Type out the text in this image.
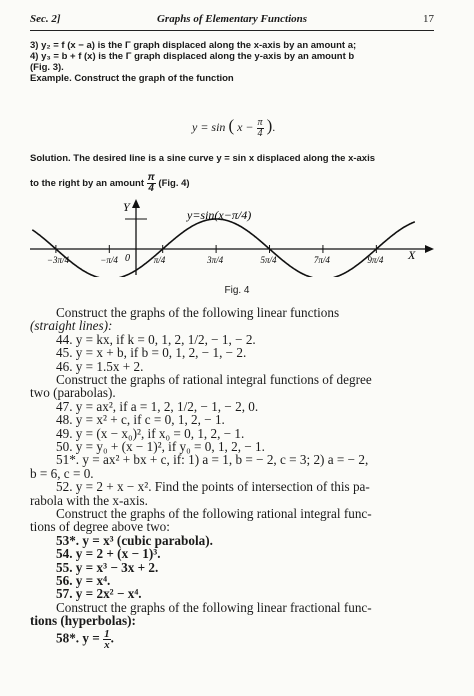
Sec. 2]	Graphs of Elementary Functions	17
3) y₂ = f (x − a) is the Γ graph displaced along the x-axis by an amount a;
4) y₃ = b + f (x) is the Γ graph displaced along the y-axis by an amount b
(Fig. 3).
Example. Construct the graph of the function
y = sin ( $x - \frac{\pi}{4}$ ).
Solution. The desired line is a sine curve y = sin x displaced along the x-axis
to the right by an amount $\frac{\pi}{4} (Fig$. 4)
−3π/4	−π/4	π/4	3π/4	5π/4	7π/4	9π/4
Y
X
0
y=sin(x−π/4)
Fig. 4
Construct the graphs of the following linear functions
(straight lines):
44. y = kx, if k = 0, 1, 2, 1/2, − 1, − 2.
45. y = x + b, if b = 0, 1, 2, − 1, − 2.
46. y = 1.5x + 2.
Construct the graphs of rational integral functions of degree
two (parabolas).
47. y = ax², if a = 1, 2, 1/2, − 1, − 2, 0.
48. y = x² + c, if c = 0, 1, 2, − 1.
49. y = (x − x₀)², if x₀ = 0, 1, 2, − 1.
50. y = y₀ + (x − 1)², if y₀ = 0, 1, 2, − 1.
51*. y = ax² + bx + c, if: 1) a = 1, b = − 2, c = 3; 2) a = − 2,
b = 6, c = 0.
52. y = 2 + x − x². Find the points of intersection of this pa-
rabola with the x-axis.
Construct the graphs of the following rational integral func-
tions of degree above two:
53*. y = x³ (cubic parabola).
54. y = 2 + (x − 1)³.
55. y = x³ − 3x + 2.
56. y = x⁴.
57. y = 2x² − x⁴.
Construct the graphs of the following linear fractional func-
tions (hyperbolas):
58*. $y = \frac{1}{x}$ .
